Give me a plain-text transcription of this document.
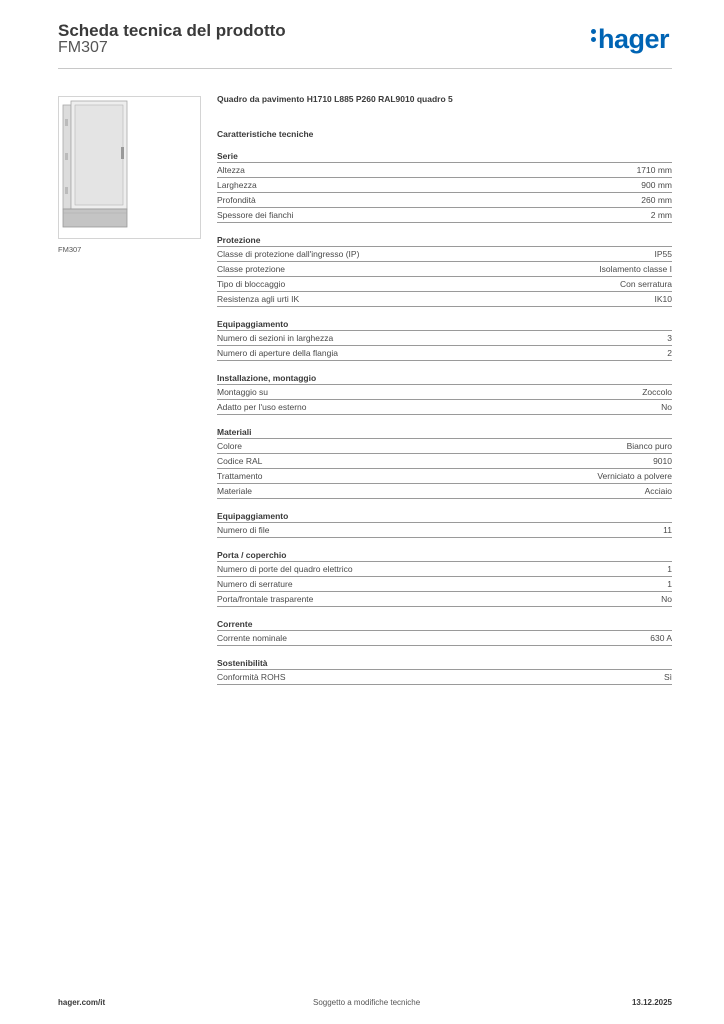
Scheda tecnica del prodotto
FM307	hager
FM307
Quadro da pavimento H1710 L885 P260 RAL9010 quadro 5
Caratteristiche tecniche
Serie
Altezza	1710 mm
Larghezza	900 mm
Profondità	260 mm
Spessore dei fianchi	2 mm
Protezione
Classe di protezione dall'ingresso (IP)	IP55
Classe protezione	Isolamento classe I
Tipo di bloccaggio	Con serratura
Resistenza agli urti IK	IK10
Equipaggiamento
Numero di sezioni in larghezza	3
Numero di aperture della flangia	2
Installazione, montaggio
Montaggio su	Zoccolo
Adatto per l'uso esterno	No
Materiali
Colore	Bianco puro
Codice RAL	9010
Trattamento	Verniciato a polvere
Materiale	Acciaio
Equipaggiamento
Numero di file	11
Porta / coperchio
Numero di porte del quadro elettrico	1
Numero di serrature	1
Porta/frontale trasparente	No
Corrente
Corrente nominale	630 A
Sostenibilità
Conformità ROHS	Sì
hager.com/it	Soggetto a modifiche tecniche	13.12.2025
